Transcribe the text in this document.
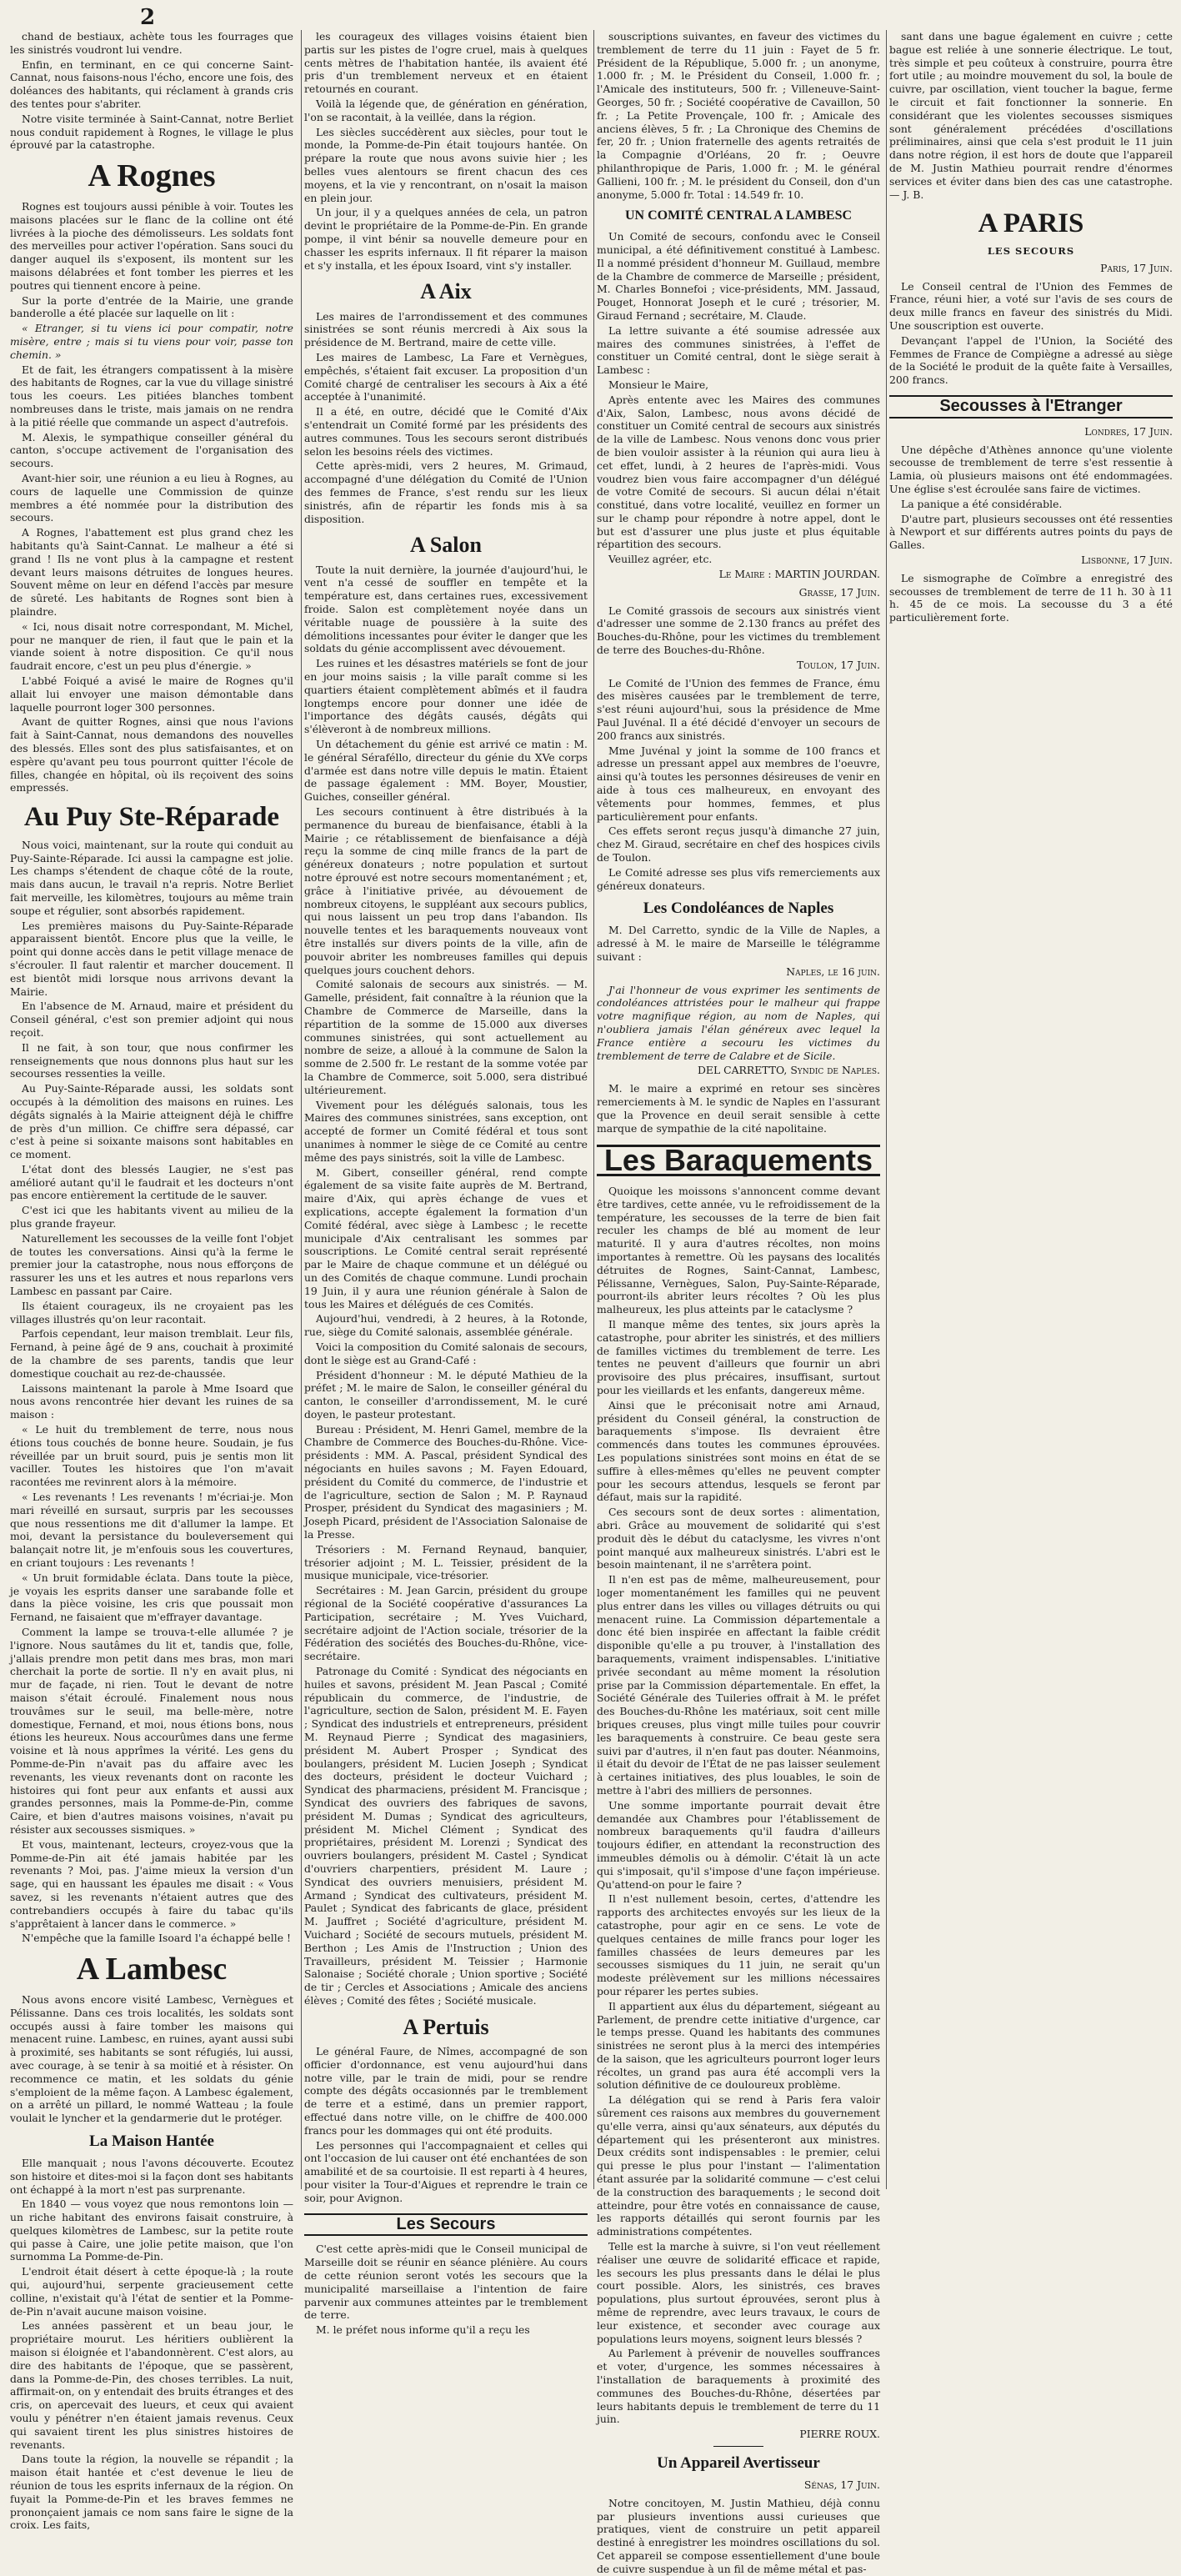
2

chand de bestiaux, achète tous les fourrages que les sinistrés voudront lui vendre.

Enfin, en terminant, en ce qui concerne Saint-Cannat, nous faisons-nous l'écho, encore une fois, des doléances des habitants, qui réclament à grands cris des tentes pour s'abriter.

Notre visite terminée à Saint-Cannat, notre Berliet nous conduit rapidement à Rognes, le village le plus éprouvé par la catastrophe.

A Rognes

Rognes est toujours aussi pénible à voir. Toutes les maisons placées sur le flanc de la colline ont été livrées à la pioche des démolisseurs. Les soldats font des merveilles pour activer l'opération. Sans souci du danger auquel ils s'exposent, ils montent sur les maisons délabrées et font tomber les pierres et les poutres qui tiennent encore à peine.

Sur la porte d'entrée de la Mairie, une grande banderolle a été placée sur laquelle on lit :

« Etranger, si tu viens ici pour compatir, notre misère, entre ; mais si tu viens pour voir, passe ton chemin. »

Et de fait, les étrangers compatissent à la misère des habitants de Rognes, car la vue du village sinistré tous les coeurs. Les pitiées blanches tombent nombreuses dans le triste, mais jamais on ne rendra à la pitié réelle que commande un aspect d'autrefois.

M. Alexis, le sympathique conseiller général du canton, s'occupe activement de l'organisation des secours.

Avant-hier soir, une réunion a eu lieu à Rognes, au cours de laquelle une Commission de quinze membres a été nommée pour la distribution des secours.

A Rognes, l'abattement est plus grand chez les habitants qu'à Saint-Cannat. Le malheur a été si grand ! Ils ne vont plus à la campagne et restent devant leurs maisons détruites de longues heures. Souvent même on leur en défend l'accès par mesure de sûreté. Les habitants de Rognes sont bien à plaindre.

« Ici, nous disait notre correspondant, M. Michel, pour ne manquer de rien, il faut que le pain et la viande soient à notre disposition. Ce qu'il nous faudrait encore, c'est un peu plus d'énergie. »

L'abbé Foiqué a avisé le maire de Rognes qu'il allait lui envoyer une maison démontable dans laquelle pourront loger 300 personnes.

Avant de quitter Rognes, ainsi que nous l'avions fait à Saint-Cannat, nous demandons des nouvelles des blessés. Elles sont des plus satisfaisantes, et on espère qu'avant peu tous pourront quitter l'école de filles, changée en hôpital, où ils reçoivent des soins empressés.

Au Puy Ste-Réparade

Nous voici, maintenant, sur la route qui conduit au Puy-Sainte-Réparade. Ici aussi la campagne est jolie. Les champs s'étendent de chaque côté de la route, mais dans aucun, le travail n'a repris. Notre Berliet fait merveille, les kilomètres, toujours au même train soupe et régulier, sont absorbés rapidement.

Les premières maisons du Puy-Sainte-Réparade apparaissent bientôt. Encore plus que la veille, le point qui donne accès dans le petit village menace de s'écrouler. Il faut ralentir et marcher doucement. Il est bientôt midi lorsque nous arrivons devant la Mairie.

En l'absence de M. Arnaud, maire et président du Conseil général, c'est son premier adjoint qui nous reçoit.

Il ne fait, à son tour, que nous confirmer les renseignements que nous donnons plus haut sur les secourses ressenties la veille.

Au Puy-Sainte-Réparade aussi, les soldats sont occupés à la démolition des maisons en ruines. Les dégâts signalés à la Mairie atteignent déjà le chiffre de près d'un million. Ce chiffre sera dépassé, car c'est à peine si soixante maisons sont habitables en ce moment.

L'état dont des blessés Laugier, ne s'est pas amélioré autant qu'il le faudrait et les docteurs n'ont pas encore entièrement la certitude de le sauver.

C'est ici que les habitants vivent au milieu de la plus grande frayeur.

Naturellement les secousses de la veille font l'objet de toutes les conversations. Ainsi qu'à la ferme le premier jour la catastrophe, nous nous efforçons de rassurer les uns et les autres et nous reparlons vers Lambesc en passant par Caire.

Ils étaient courageux, ils ne croyaient pas les villages illustrés qu'on leur racontait.

Parfois cependant, leur maison tremblait. Leur fils, Fernand, à peine âgé de 9 ans, couchait à proximité de la chambre de ses parents, tandis que leur domestique couchait au rez-de-chaussée.

Laissons maintenant la parole à Mme Isoard que nous avons rencontrée hier devant les ruines de sa maison :

« Le huit du tremblement de terre, nous nous étions tous couchés de bonne heure. Soudain, je fus réveillée par un bruit sourd, puis je sentis mon lit vaciller. Toutes les histoires que l'on m'avait racontées me revinrent alors à la mémoire.

« Les revenants ! Les revenants ! m'écriai-je. Mon mari réveillé en sursaut, surpris par les secousses que nous ressentions me dit d'allumer la lampe. Et moi, devant la persistance du bouleversement qui balançait notre lit, je m'enfouis sous les couvertures, en criant toujours : Les revenants !

« Un bruit formidable éclata. Dans toute la pièce, je voyais les esprits danser une sarabande folle et dans la pièce voisine, les cris que poussait mon Fernand, ne faisaient que m'effrayer davantage.

Comment la lampe se trouva-t-elle allumée ? je l'ignore. Nous sautâmes du lit et, tandis que, folle, j'allais prendre mon petit dans mes bras, mon mari cherchait la porte de sortie. Il n'y en avait plus, ni mur de façade, ni rien. Tout le devant de notre maison s'était écroulé. Finalement nous nous trouvâmes sur le seuil, ma belle-mère, notre domestique, Fernand, et moi, nous étions bons, nous étions les heureux. Nous accourûmes dans une ferme voisine et là nous apprîmes la vérité. Les gens du Pomme-de-Pin n'avait pas du affaire avec les revenants, les vieux revenants dont on raconte les histoires qui font peur aux enfants et aussi aux grandes personnes, mais la Pomme-de-Pin, comme Caire, et bien d'autres maisons voisines, n'avait pu résister aux secousses sismiques. »

Et vous, maintenant, lecteurs, croyez-vous que la Pomme-de-Pin ait été jamais habitée par les revenants ? Moi, pas. J'aime mieux la version d'un sage, qui en haussant les épaules me disait : « Vous savez, si les revenants n'étaient autres que des contrebandiers occupés à faire du tabac qu'ils s'apprêtaient à lancer dans le commerce. »

N'empêche que la famille Isoard l'a échappé belle !

A Lambesc

Nous avons encore visité Lambesc, Vernègues et Pélissanne. Dans ces trois localités, les soldats sont occupés aussi à faire tomber les maisons qui menacent ruine. Lambesc, en ruines, ayant aussi subi à proximité, ses habitants se sont réfugiés, lui aussi, avec courage, à se tenir à sa moitié et à résister. On recommence ce matin, et les soldats du génie s'emploient de la même façon. A Lambesc également, on a arrêté un pillard, le nommé Watteau ; la foule voulait le lyncher et la gendarmerie dut le protéger.

La Maison Hantée

Elle manquait ; nous l'avons découverte. Ecoutez son histoire et dites-moi si la façon dont ses habitants ont échappé à la mort n'est pas surprenante.

En 1840 — vous voyez que nous remontons loin — un riche habitant des environs faisait construire, à quelques kilomètres de Lambesc, sur la petite route qui passe à Caire, une jolie petite maison, que l'on surnomma La Pomme-de-Pin.

L'endroit était désert à cette époque-là ; la route qui, aujourd'hui, serpente gracieusement cette colline, n'existait qu'à l'état de sentier et la Pomme-de-Pin n'avait aucune maison voisine.

Les années passèrent et un beau jour, le propriétaire mourut. Les héritiers oublièrent la maison si éloignée et l'abandonnèrent. C'est alors, au dire des habitants de l'époque, que se passèrent, dans la Pomme-de-Pin, des choses terribles. La nuit, affirmait-on, on y entendait des bruits étranges et des cris, on apercevait des lueurs, et ceux qui avaient voulu y pénétrer n'en étaient jamais revenus. Ceux qui savaient tirent les plus sinistres histoires de revenants.

Dans toute la région, la nouvelle se répandit ; la maison était hantée et c'est devenue le lieu de réunion de tous les esprits infernaux de la région. On fuyait la Pomme-de-Pin et les braves femmes ne prononçaient jamais ce nom sans faire le signe de la croix. Les faits,

les courageux des villages voisins étaient bien partis sur les pistes de l'ogre cruel, mais à quelques cents mètres de l'habitation hantée, ils avaient été pris d'un tremblement nerveux et en étaient retournés en courant.

Voilà la légende que, de génération en génération, l'on se racontait, à la veillée, dans la région.

Les siècles succédèrent aux siècles, pour tout le monde, la Pomme-de-Pin était toujours hantée. On prépare la route que nous avons suivie hier ; les belles vues alentours se firent chacun des ces moyens, et la vie y rencontrant, on n'osait la maison en plein jour.

Un jour, il y a quelques années de cela, un patron devint le propriétaire de la Pomme-de-Pin. En grande pompe, il vint bénir sa nouvelle demeure pour en chasser les esprits infernaux. Il fit réparer la maison et s'y installa, et les époux Isoard, vint s'y installer.

A Aix

Les maires de l'arrondissement et des communes sinistrées se sont réunis mercredi à Aix sous la présidence de M. Bertrand, maire de cette ville.

Les maires de Lambesc, La Fare et Vernègues, empêchés, s'étaient fait excuser. La proposition d'un Comité chargé de centraliser les secours à Aix a été acceptée à l'unanimité.

Il a été, en outre, décidé que le Comité d'Aix s'entendrait un Comité formé par les présidents des autres communes. Tous les secours seront distribués selon les besoins réels des victimes.

Cette après-midi, vers 2 heures, M. Grimaud, accompagné d'une délégation du Comité de l'Union des femmes de France, s'est rendu sur les lieux sinistrés, afin de répartir les fonds mis à sa disposition.

A Salon

Toute la nuit dernière, la journée d'aujourd'hui, le vent n'a cessé de souffler en tempête et la température est, dans certaines rues, excessivement froide. Salon est complètement noyée dans un véritable nuage de poussière à la suite des démolitions incessantes pour éviter le danger que les soldats du génie accomplissent avec dévouement.

Les ruines et les désastres matériels se font de jour en jour moins saisis ; la ville paraît comme si les quartiers étaient complètement abîmés et il faudra longtemps encore pour donner une idée de l'importance des dégâts causés, dégâts qui s'élèveront à de nombreux millions.

Un détachement du génie est arrivé ce matin : M. le général Séraféllo, directeur du génie du XVe corps d'armée est dans notre ville depuis le matin. Étaient de passage également : MM. Boyer, Moustier, Guiches, conseiller général.

Les secours continuent à être distribués à la permanence du bureau de bienfaisance, établi à la Mairie ; ce rétablissement de bienfaisance a déjà reçu la somme de cinq mille francs de la part de généreux donateurs ; notre population et surtout notre éprouvé est notre secours momentanément ; et, grâce à l'initiative privée, au dévouement de nombreux citoyens, le suppléant aux secours publics, qui nous laissent un peu trop dans l'abandon. Ils nouvelle tentes et les baraquements nouveaux vont être installés sur divers points de la ville, afin de pouvoir abriter les nombreuses familles qui depuis quelques jours couchent dehors.

Comité salonais de secours aux sinistrés. — M. Gamelle, président, fait connaître à la réunion que la Chambre de Commerce de Marseille, dans la répartition de la somme de 15.000 aux diverses communes sinistrées, qui sont actuellement au nombre de seize, a alloué à la commune de Salon la somme de 2.500 fr. Le restant de la somme votée par la Chambre de Commerce, soit 5.000, sera distribué ultérieurement.

Vivement pour les délégués salonais, tous les Maires des communes sinistrées, sans exception, ont accepté de former un Comité fédéral et tous sont unanimes à nommer le siège de ce Comité au centre même des pays sinistrés, soit la ville de Lambesc.

M. Gibert, conseiller général, rend compte également de sa visite faite auprès de M. Bertrand, maire d'Aix, qui après échange de vues et explications, accepte également la formation d'un Comité fédéral, avec siège à Lambesc ; le recette municipale d'Aix centralisant les sommes par souscriptions. Le Comité central serait représenté par le Maire de chaque commune et un délégué ou un des Comités de chaque commune. Lundi prochain 19 Juin, il y aura une réunion générale à Salon de tous les Maires et délégués de ces Comités.

Aujourd'hui, vendredi, à 2 heures, à la Rotonde, rue, siège du Comité salonais, assemblée générale.

Voici la composition du Comité salonais de secours, dont le siège est au Grand-Café :

Président d'honneur : M. le député Mathieu de la préfet ; M. le maire de Salon, le conseiller général du canton, le conseiller d'arrondissement, M. le curé doyen, le pasteur protestant.

Bureau : Président, M. Henri Gamel, membre de la Chambre de Commerce des Bouches-du-Rhône. Vice-présidents : MM. A. Pascal, président Syndical des négociants en huiles savons ; M. Fayen Edouard, président du Comité du commerce, de l'industrie et de l'agriculture, section de Salon ; M. P. Raynaud Prosper, président du Syndicat des magasiniers ; M. Joseph Picard, président de l'Association Salonaise de la Presse.

Trésoriers : M. Fernand Reynaud, banquier, trésorier adjoint ; M. L. Teissier, président de la musique municipale, vice-trésorier.

Secrétaires : M. Jean Garcin, président du groupe régional de la Société coopérative d'assurances La Participation, secrétaire ; M. Yves Vuichard, secrétaire adjoint de l'Action sociale, trésorier de la Fédération des sociétés des Bouches-du-Rhône, vice-secrétaire.

Patronage du Comité : Syndicat des négociants en huiles et savons, président M. Jean Pascal ; Comité républicain du commerce, de l'industrie, de l'agriculture, section de Salon, président M. E. Fayen ; Syndicat des industriels et entrepreneurs, président M. Reynaud Pierre ; Syndicat des magasiniers, président M. Aubert Prosper ; Syndicat des boulangers, président M. Lucien Joseph ; Syndicat des docteurs, président le docteur Vuichard ; Syndicat des pharmaciens, président M. Francisque ; Syndicat des ouvriers des fabriques de savons, président M. Dumas ; Syndicat des agriculteurs, président M. Michel Clément ; Syndicat des propriétaires, président M. Lorenzi ; Syndicat des ouvriers boulangers, président M. Castel ; Syndicat d'ouvriers charpentiers, président M. Laure ; Syndicat des ouvriers menuisiers, président M. Armand ; Syndicat des cultivateurs, président M. Paulet ; Syndicat des fabricants de glace, président M. Jauffret ; Société d'agriculture, président M. Vuichard ; Société de secours mutuels, président M. Berthon ; Les Amis de l'Instruction ; Union des Travailleurs, président M. Teissier ; Harmonie Salonaise ; Société chorale ; Union sportive ; Société de tir ; Cercles et Associations ; Amicale des anciens élèves ; Comité des fêtes ; Société musicale.

A Pertuis

Le général Faure, de Nîmes, accompagné de son officier d'ordonnance, est venu aujourd'hui dans notre ville, par le train de midi, pour se rendre compte des dégâts occasionnés par le tremblement de terre et a estimé, dans un premier rapport, effectué dans notre ville, on le chiffre de 400.000 francs pour les dommages qui ont été produits.

Les personnes qui l'accompagnaient et celles qui ont l'occasion de lui causer ont été enchantées de son amabilité et de sa courtoisie. Il est reparti à 4 heures, pour visiter la Tour-d'Aigues et reprendre le train ce soir, pour Avignon.

Les Secours

C'est cette après-midi que le Conseil municipal de Marseille doit se réunir en séance plénière. Au cours de cette réunion seront votés les secours que la municipalité marseillaise a l'intention de faire parvenir aux communes atteintes par le tremblement de terre.

M. le préfet nous informe qu'il a reçu les

souscriptions suivantes, en faveur des victimes du tremblement de terre du 11 juin : Fayet de 5 fr. Président de la République, 5.000 fr. ; un anonyme, 1.000 fr. ; M. le Président du Conseil, 1.000 fr. ; l'Amicale des instituteurs, 500 fr. ; Villeneuve-Saint-Georges, 50 fr. ; Société coopérative de Cavaillon, 50 fr. ; La Petite Provençale, 100 fr. ; Amicale des anciens élèves, 5 fr. ; La Chronique des Chemins de fer, 20 fr. ; Union fraternelle des agents retraités de la Compagnie d'Orléans, 20 fr. ; Oeuvre philanthropique de Paris, 1.000 fr. ; M. le général Gallieni, 100 fr. ; M. le président du Conseil, don d'un anonyme, 5.000 fr. Total : 14.549 fr. 10.

UN COMITÉ CENTRAL A LAMBESC

Un Comité de secours, confondu avec le Conseil municipal, a été définitivement constitué à Lambesc. Il a nommé président d'honneur M. Guillaud, membre de la Chambre de commerce de Marseille ; président, M. Charles Bonnefoi ; vice-présidents, MM. Jassaud, Pouget, Honnorat Joseph et le curé ; trésorier, M. Giraud Fernand ; secrétaire, M. Claude.

La lettre suivante a été soumise adressée aux maires des communes sinistrées, à l'effet de constituer un Comité central, dont le siège serait à Lambesc :

Monsieur le Maire,

Après entente avec les Maires des communes d'Aix, Salon, Lambesc, nous avons décidé de constituer un Comité central de secours aux sinistrés de la ville de Lambesc. Nous venons donc vous prier de bien vouloir assister à la réunion qui aura lieu à cet effet, lundi, à 2 heures de l'après-midi. Vous voudrez bien vous faire accompagner d'un délégué de votre Comité de secours. Si aucun délai n'était constitué, dans votre localité, veuillez en former un sur le champ pour répondre à notre appel, dont le but est d'assurer une plus juste et plus équitable répartition des secours.

Veuillez agréer, etc.

Le Maire : MARTIN JOURDAN.
Grasse, 17 Juin.

Le Comité grassois de secours aux sinistrés vient d'adresser une somme de 2.130 francs au préfet des Bouches-du-Rhône, pour les victimes du tremblement de terre des Bouches-du-Rhône.

Toulon, 17 Juin.

Le Comité de l'Union des femmes de France, ému des misères causées par le tremblement de terre, s'est réuni aujourd'hui, sous la présidence de Mme Paul Juvénal. Il a été décidé d'envoyer un secours de 200 francs aux sinistrés.

Mme Juvénal y joint la somme de 100 francs et adresse un pressant appel aux membres de l'oeuvre, ainsi qu'à toutes les personnes désireuses de venir en aide à tous ces malheureux, en envoyant des vêtements pour hommes, femmes, et plus particulièrement pour enfants.

Ces effets seront reçus jusqu'à dimanche 27 juin, chez M. Giraud, secrétaire en chef des hospices civils de Toulon.

Le Comité adresse ses plus vifs remerciements aux généreux donateurs.

Les Condoléances de Naples

M. Del Carretto, syndic de la Ville de Naples, a adressé à M. le maire de Marseille le télégramme suivant :

Naples, le 16 juin.

J'ai l'honneur de vous exprimer les sentiments de condoléances attristées pour le malheur qui frappe votre magnifique région, au nom de Naples, qui n'oubliera jamais l'élan généreux avec lequel la France entière a secouru les victimes du tremblement de terre de Calabre et de Sicile.

DEL CARRETTO, Syndic de Naples.

M. le maire a exprimé en retour ses sincères remerciements à M. le syndic de Naples en l'assurant que la Provence en deuil serait sensible à cette marque de sympathie de la cité napolitaine.

Les Baraquements

Quoique les moissons s'annoncent comme devant être tardives, cette année, vu le refroidissement de la température, les secousses de la terre de bien fait reculer les champs de blé au moment de leur maturité. Il y aura d'autres récoltes, non moins importantes à remettre. Où les paysans des localités détruites de Rognes, Saint-Cannat, Lambesc, Pélissanne, Vernègues, Salon, Puy-Sainte-Réparade, pourront-ils abriter leurs récoltes ? Où les plus malheureux, les plus atteints par le cataclysme ?

Il manque même des tentes, six jours après la catastrophe, pour abriter les sinistrés, et des milliers de familles victimes du tremblement de terre. Les tentes ne peuvent d'ailleurs que fournir un abri provisoire des plus précaires, insuffisant, surtout pour les vieillards et les enfants, dangereux même.

Ainsi que le préconisait notre ami Arnaud, président du Conseil général, la construction de baraquements s'impose. Ils devraient être commencés dans toutes les communes éprouvées. Les populations sinistrées sont moins en état de se suffire à elles-mêmes qu'elles ne peuvent compter pour les secours attendus, lesquels se feront par défaut, mais sur la rapidité.

Ces secours sont de deux sortes : alimentation, abri. Grâce au mouvement de solidarité qui s'est produit dès le début du cataclysme, les vivres n'ont point manqué aux malheureux sinistrés. L'abri est le besoin maintenant, il ne s'arrêtera point.

Il n'en est pas de même, malheureusement, pour loger momentanément les familles qui ne peuvent plus entrer dans les villes ou villages détruits ou qui menacent ruine. La Commission départementale a donc été bien inspirée en affectant la faible crédit disponible qu'elle a pu trouver, à l'installation des baraquements, vraiment indispensables. L'initiative privée secondant au même moment la résolution prise par la Commission départementale. En effet, la Société Générale des Tuileries offrait à M. le préfet des Bouches-du-Rhône les matériaux, soit cent mille briques creuses, plus vingt mille tuiles pour couvrir les baraquements à construire. Ce beau geste sera suivi par d'autres, il n'en faut pas douter. Néanmoins, il était du devoir de l'État de ne pas laisser seulement à certaines initiatives, des plus louables, le soin de mettre à l'abri des milliers de personnes.

Une somme importante pourrait devait être demandée aux Chambres pour l'établissement de nombreux baraquements qu'il faudra d'ailleurs toujours édifier, en attendant la reconstruction des immeubles démolis ou à démolir. C'était là un acte qui s'imposait, qu'il s'impose d'une façon impérieuse. Qu'attend-on pour le faire ?

Il n'est nullement besoin, certes, d'attendre les rapports des architectes envoyés sur les lieux de la catastrophe, pour agir en ce sens. Le vote de quelques centaines de mille francs pour loger les familles chassées de leurs demeures par les secousses sismiques du 11 juin, ne serait qu'un modeste prélèvement sur les millions nécessaires pour réparer les pertes subies.

Il appartient aux élus du département, siégeant au Parlement, de prendre cette initiative d'urgence, car le temps presse. Quand les habitants des communes sinistrées ne seront plus à la merci des intempéries de la saison, que les agriculteurs pourront loger leurs récoltes, un grand pas aura été accompli vers la solution définitive de ce douloureux problème.

La délégation qui se rend à Paris fera valoir sûrement ces raisons aux membres du gouvernement qu'elle verra, ainsi qu'aux sénateurs, aux députés du département qui les présenteront aux ministres. Deux crédits sont indispensables : le premier, celui qui presse le plus pour l'instant — l'alimentation étant assurée par la solidarité commune — c'est celui de la construction des baraquements ; le second doit atteindre, pour être votés en connaissance de cause, les rapports détaillés qui seront fournis par les administrations compétentes.

Telle est la marche à suivre, si l'on veut réellement réaliser une œuvre de solidarité efficace et rapide, les secours les plus pressants dans le délai le plus court possible. Alors, les sinistrés, ces braves populations, plus surtout éprouvées, seront plus à même de reprendre, avec leurs travaux, le cours de leur existence, et seconder avec courage aux populations leurs moyens, soignent leurs blessés ?

Au Parlement à prévenir de nouvelles souffrances et voter, d'urgence, les sommes nécessaires à l'installation de baraquements à proximité des communes des Bouches-du-Rhône, désertées par leurs habitants depuis le tremblement de terre du 11 juin.

PIERRE ROUX.
Un Appareil Avertisseur
Sénas, 17 Juin.

Notre concitoyen, M. Justin Mathieu, déjà connu par plusieurs inventions aussi curieuses que pratiques, vient de construire un petit appareil destiné à enregistrer les moindres oscillations du sol. Cet appareil se compose essentiellement d'une boule de cuivre suspendue à un fil de même métal et pas-

sant dans une bague également en cuivre ; cette bague est reliée à une sonnerie électrique. Le tout, très simple et peu coûteux à construire, pourra être fort utile ; au moindre mouvement du sol, la boule de cuivre, par oscillation, vient toucher la bague, ferme le circuit et fait fonctionner la sonnerie. En considérant que les violentes secousses sismiques sont généralement précédées d'oscillations préliminaires, ainsi que cela s'est produit le 11 juin dans notre région, il est hors de doute que l'appareil de M. Justin Mathieu pourrait rendre d'énormes services et éviter dans bien des cas une catastrophe. — J. B.

A PARIS
LES SECOURS
Paris, 17 Juin.

Le Conseil central de l'Union des Femmes de France, réuni hier, a voté sur l'avis de ses cours de deux mille francs en faveur des sinistrés du Midi. Une souscription est ouverte.

Devançant l'appel de l'Union, la Société des Femmes de France de Compiègne a adressé au siège de la Société le produit de la quête faite à Versailles, 200 francs.

Secousses à l'Etranger
Londres, 17 Juin.

Une dépêche d'Athènes annonce qu'une violente secousse de tremblement de terre s'est ressentie à Lamia, où plusieurs maisons ont été endommagées. Une église s'est écroulée sans faire de victimes.

La panique a été considérable.

D'autre part, plusieurs secousses ont été ressenties à Newport et sur différents autres points du pays de Galles.

Lisbonne, 17 Juin.

Le sismographe de Coïmbre a enregistré des secousses de tremblement de terre de 11 h. 30 à 11 h. 45 de ce mois. La secousse du 3 a été particulièrement forte.
